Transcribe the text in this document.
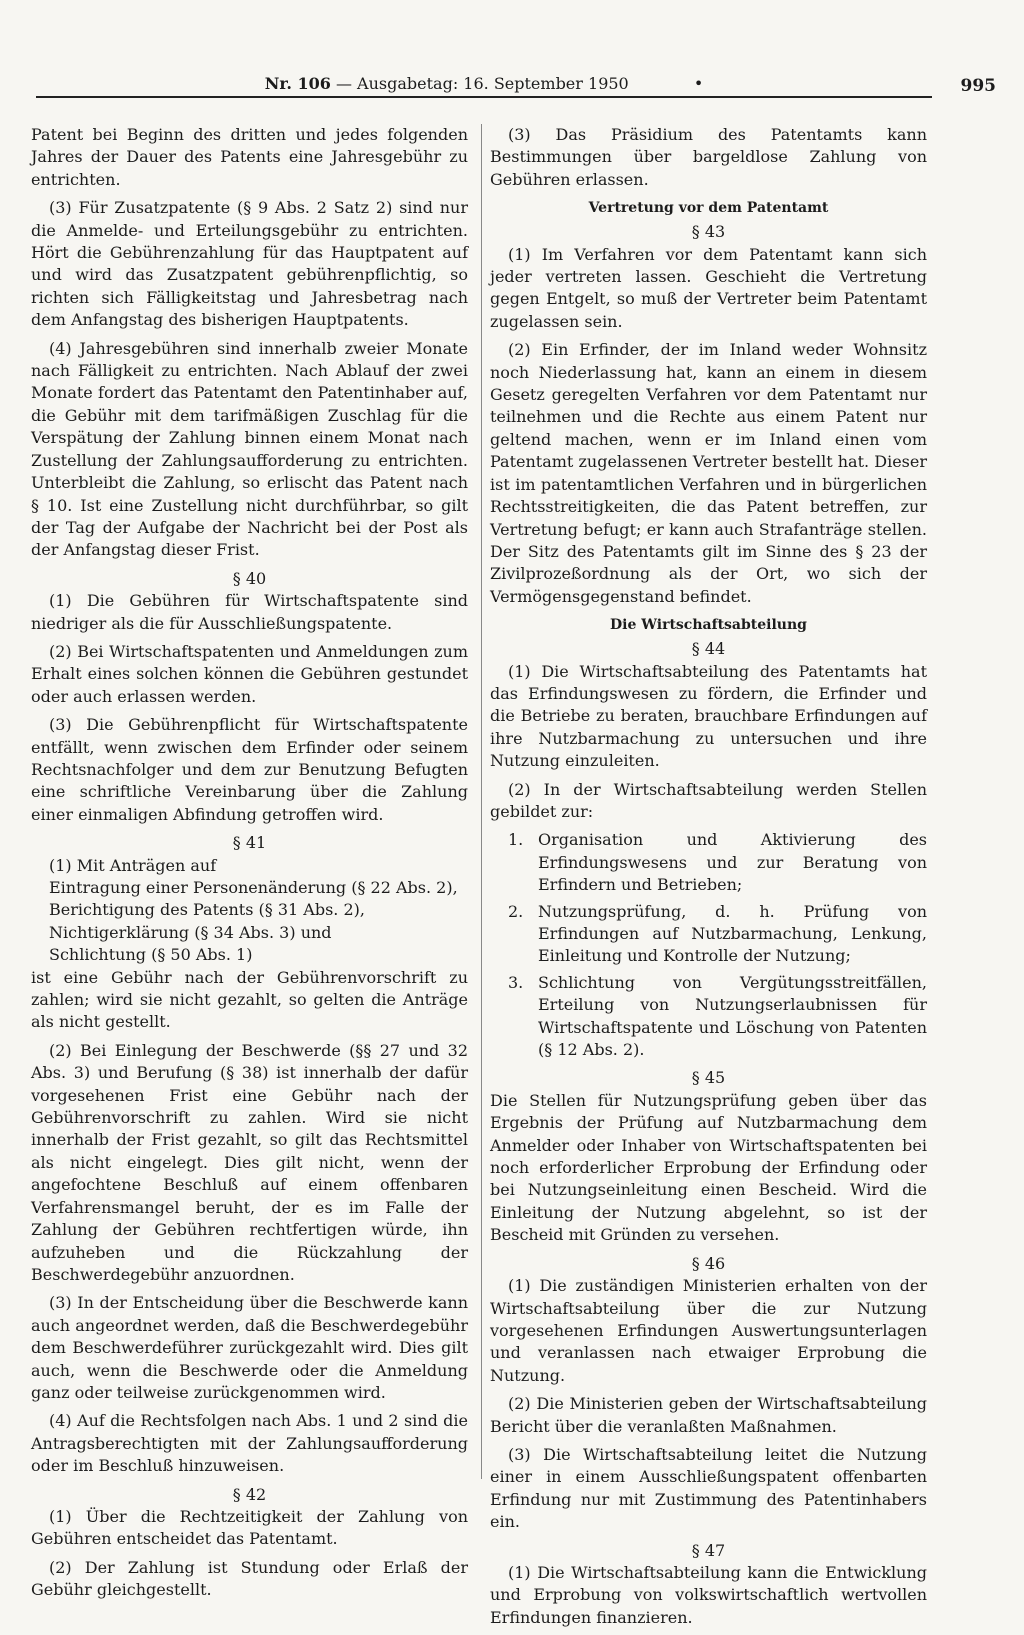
Nr. 106 — Ausgabetag: 16. September 1950	•	995

Patent bei Beginn des dritten und jedes folgenden Jahres der Dauer des Patents eine Jahresgebühr zu entrichten.

(3) Für Zusatzpatente (§ 9 Abs. 2 Satz 2) sind nur die Anmelde- und Erteilungsgebühr zu entrichten. Hört die Gebührenzahlung für das Hauptpatent auf und wird das Zusatzpatent gebührenpflichtig, so richten sich Fälligkeitstag und Jahresbetrag nach dem Anfangstag des bisherigen Hauptpatents.

(4) Jahresgebühren sind innerhalb zweier Monate nach Fälligkeit zu entrichten. Nach Ablauf der zwei Monate fordert das Patentamt den Patentinhaber auf, die Gebühr mit dem tarifmäßigen Zuschlag für die Verspätung der Zahlung binnen einem Monat nach Zustellung der Zahlungsaufforderung zu entrichten. Unterbleibt die Zahlung, so erlischt das Patent nach § 10. Ist eine Zustellung nicht durchführbar, so gilt der Tag der Aufgabe der Nachricht bei der Post als der Anfangstag dieser Frist.

§ 40

(1) Die Gebühren für Wirtschaftspatente sind niedriger als die für Ausschließungspatente.

(2) Bei Wirtschaftspatenten und Anmeldungen zum Erhalt eines solchen können die Gebühren gestundet oder auch erlassen werden.

(3) Die Gebührenpflicht für Wirtschaftspatente entfällt, wenn zwischen dem Erfinder oder seinem Rechtsnachfolger und dem zur Benutzung Befugten eine schriftliche Vereinbarung über die Zahlung einer einmaligen Abfindung getroffen wird.

§ 41

(1) Mit Anträgen auf

Eintragung einer Personenänderung (§ 22 Abs. 2),
Berichtigung des Patents (§ 31 Abs. 2),
Nichtigerklärung (§ 34 Abs. 3) und
Schlichtung (§ 50 Abs. 1)

ist eine Gebühr nach der Gebührenvorschrift zu zahlen; wird sie nicht gezahlt, so gelten die Anträge als nicht gestellt.

(2) Bei Einlegung der Beschwerde (§§ 27 und 32 Abs. 3) und Berufung (§ 38) ist innerhalb der dafür vorgesehenen Frist eine Gebühr nach der Gebührenvorschrift zu zahlen. Wird sie nicht innerhalb der Frist gezahlt, so gilt das Rechtsmittel als nicht eingelegt. Dies gilt nicht, wenn der angefochtene Beschluß auf einem offenbaren Verfahrensmangel beruht, der es im Falle der Zahlung der Gebühren rechtfertigen würde, ihn aufzuheben und die Rückzahlung der Beschwerdegebühr anzuordnen.

(3) In der Entscheidung über die Beschwerde kann auch angeordnet werden, daß die Beschwerdegebühr dem Beschwerdeführer zurückgezahlt wird. Dies gilt auch, wenn die Beschwerde oder die Anmeldung ganz oder teilweise zurückgenommen wird.

(4) Auf die Rechtsfolgen nach Abs. 1 und 2 sind die Antragsberechtigten mit der Zahlungsaufforderung oder im Beschluß hinzuweisen.

§ 42

(1) Über die Rechtzeitigkeit der Zahlung von Gebühren entscheidet das Patentamt.

(2) Der Zahlung ist Stundung oder Erlaß der Gebühr gleichgestellt.

(3) Das Präsidium des Patentamts kann Bestimmungen über bargeldlose Zahlung von Gebühren erlassen.

Vertretung vor dem Patentamt
§ 43

(1) Im Verfahren vor dem Patentamt kann sich jeder vertreten lassen. Geschieht die Vertretung gegen Entgelt, so muß der Vertreter beim Patentamt zugelassen sein.

(2) Ein Erfinder, der im Inland weder Wohnsitz noch Niederlassung hat, kann an einem in diesem Gesetz geregelten Verfahren vor dem Patentamt nur teilnehmen und die Rechte aus einem Patent nur geltend machen, wenn er im Inland einen vom Patentamt zugelassenen Vertreter bestellt hat. Dieser ist im patentamtlichen Verfahren und in bürgerlichen Rechtsstreitigkeiten, die das Patent betreffen, zur Vertretung befugt; er kann auch Strafanträge stellen. Der Sitz des Patentamts gilt im Sinne des § 23 der Zivilprozeßordnung als der Ort, wo sich der Vermögensgegenstand befindet.

Die Wirtschaftsabteilung
§ 44

(1) Die Wirtschaftsabteilung des Patentamts hat das Erfindungswesen zu fördern, die Erfinder und die Betriebe zu beraten, brauchbare Erfindungen auf ihre Nutzbarmachung zu untersuchen und ihre Nutzung einzuleiten.

(2) In der Wirtschaftsabteilung werden Stellen gebildet zur:

1. Organisation und Aktivierung des Erfindungswesens und zur Beratung von Erfindern und Betrieben;
2. Nutzungsprüfung, d. h. Prüfung von Erfindungen auf Nutzbarmachung, Lenkung, Einleitung und Kontrolle der Nutzung;
3. Schlichtung von Vergütungsstreitfällen, Erteilung von Nutzungserlaubnissen für Wirtschaftspatente und Löschung von Patenten (§ 12 Abs. 2).
§ 45

Die Stellen für Nutzungsprüfung geben über das Ergebnis der Prüfung auf Nutzbarmachung dem Anmelder oder Inhaber von Wirtschaftspatenten bei noch erforderlicher Erprobung der Erfindung oder bei Nutzungseinleitung einen Bescheid. Wird die Einleitung der Nutzung abgelehnt, so ist der Bescheid mit Gründen zu versehen.

§ 46

(1) Die zuständigen Ministerien erhalten von der Wirtschaftsabteilung über die zur Nutzung vorgesehenen Erfindungen Auswertungsunterlagen und veranlassen nach etwaiger Erprobung die Nutzung.

(2) Die Ministerien geben der Wirtschaftsabteilung Bericht über die veranlaßten Maßnahmen.

(3) Die Wirtschaftsabteilung leitet die Nutzung einer in einem Ausschließungspatent offenbarten Erfindung nur mit Zustimmung des Patentinhabers ein.

§ 47

(1) Die Wirtschaftsabteilung kann die Entwicklung und Erprobung von volkswirtschaftlich wertvollen Erfindungen finanzieren.
